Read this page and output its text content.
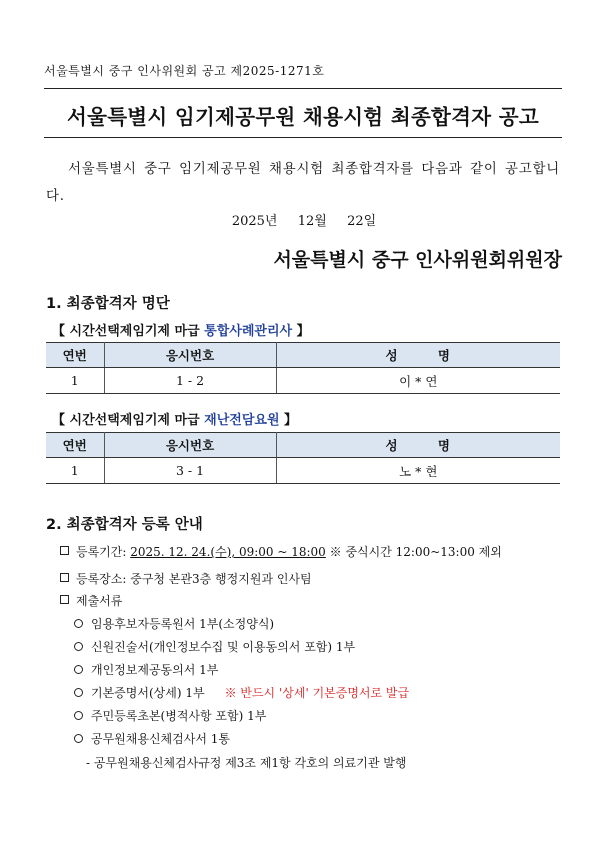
서울특별시 중구 인사위원회 공고 제2025-1271호
서울특별시 임기제공무원 채용시험 최종합격자 공고
서울특별시 중구 임기제공무원 채용시험 최종합격자를 다음과 같이 공고합니다.
2025년  12월  22일
서울특별시 중구 인사위원회위원장
1. 최종합격자 명단
【 시간선택제임기제 마급 통합사례관리사 】
연번	응시번호	성 명
1	1 - 2	이 * 연
【 시간선택제임기제 마급 재난전담요원 】
연번	응시번호	성 명
1	3 - 1	노 * 현
2. 최종합격자 등록 안내
등록기간: 2025. 12. 24.(수), 09:00 ~ 18:00 ※ 중식시간 12:00~13:00 제외
등록장소: 중구청 본관3층 행정지원과 인사팀
제출서류
임용후보자등록원서 1부(소정양식)
신원진술서(개인정보수집 및 이용동의서 포함) 1부
개인정보제공동의서 1부
기본증명서(상세) 1부 ※ 반드시 '상세' 기본증명서로 발급
주민등록초본(병적사항 포함) 1부
공무원채용신체검사서 1통
- 공무원채용신체검사규정 제3조 제1항 각호의 의료기관 발행
